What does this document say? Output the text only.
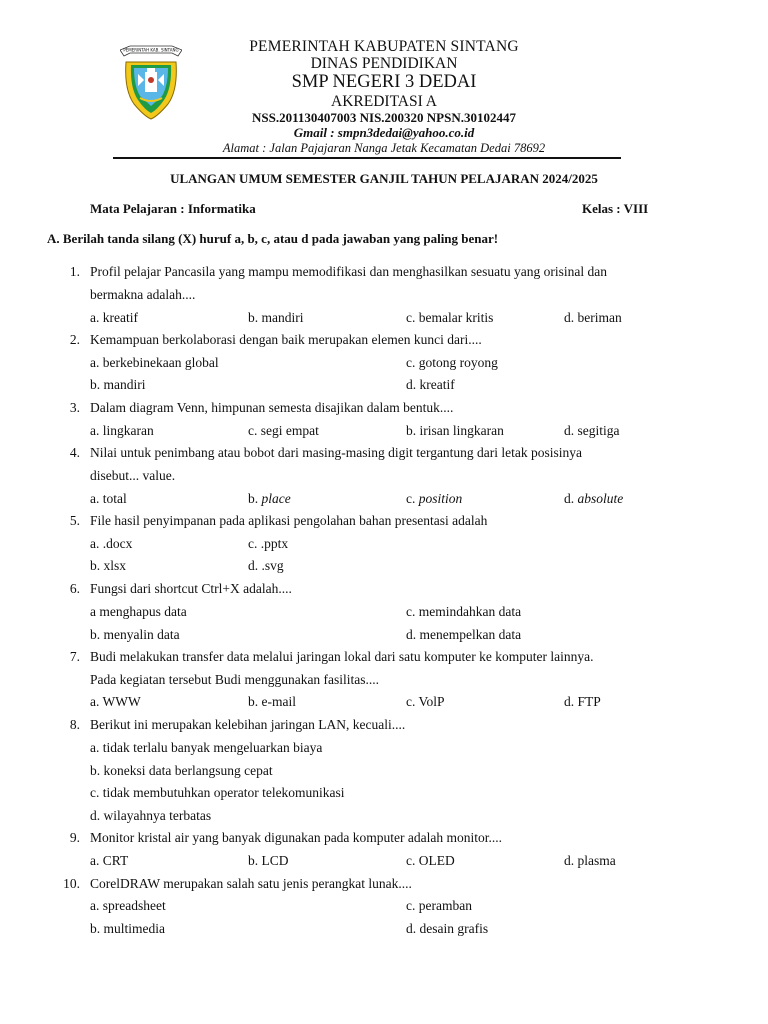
PEMERINTAH KAB. SINTANG	PEMERINTAH KABUPATEN SINTANG
DINAS PENDIDIKAN
SMP NEGERI 3 DEDAI
AKREDITASI A
NSS.201130407003 NIS.200320 NPSN.30102447
Gmail : smpn3dedai@yahoo.co.id
Alamat : Jalan Pajajaran Nanga Jetak Kecamatan Dedai 78692
ULANGAN UMUM SEMESTER GANJIL TAHUN PELAJARAN 2024/2025
Mata Pelajaran : Informatika	Kelas : VIII
A. Berilah tanda silang (X) huruf a, b, c, atau d pada jawaban yang paling benar!
1. Profil pelajar Pancasila yang mampu memodifikasi dan menghasilkan sesuatu yang orisinal dan
bermakna adalah....
a. kreatif	b. mandiri	c. bemalar kritis	d. beriman
2. Kemampuan berkolaborasi dengan baik merupakan elemen kunci dari....
a. berkebinekaan global	c. gotong royong
b. mandiri	d. kreatif
3. Dalam diagram Venn, himpunan semesta disajikan dalam bentuk....
a. lingkaran	c. segi empat	b. irisan lingkaran	d. segitiga
4. Nilai untuk penimbang atau bobot dari masing-masing digit tergantung dari letak posisinya
disebut... value.
a. total	b. place	c. position	d. absolute
5. File hasil penyimpanan pada aplikasi pengolahan bahan presentasi adalah
a. .docx	c. .pptx
b. xlsx	d. .svg
6. Fungsi dari shortcut Ctrl+X adalah....
a menghapus data	c. memindahkan data
b. menyalin data	d. menempelkan data
7. Budi melakukan transfer data melalui jaringan lokal dari satu komputer ke komputer lainnya.
Pada kegiatan tersebut Budi menggunakan fasilitas....
a. WWW	b. e-mail	c. VolP	d. FTP
8. Berikut ini merupakan kelebihan jaringan LAN, kecuali....
a. tidak terlalu banyak mengeluarkan biaya
b. koneksi data berlangsung cepat
c. tidak membutuhkan operator telekomunikasi
d. wilayahnya terbatas
9. Monitor kristal air yang banyak digunakan pada komputer adalah monitor....
a. CRT	b. LCD	c. OLED	d. plasma
10. CorelDRAW merupakan salah satu jenis perangkat lunak....
a. spreadsheet	c. peramban
b. multimedia	d. desain grafis
